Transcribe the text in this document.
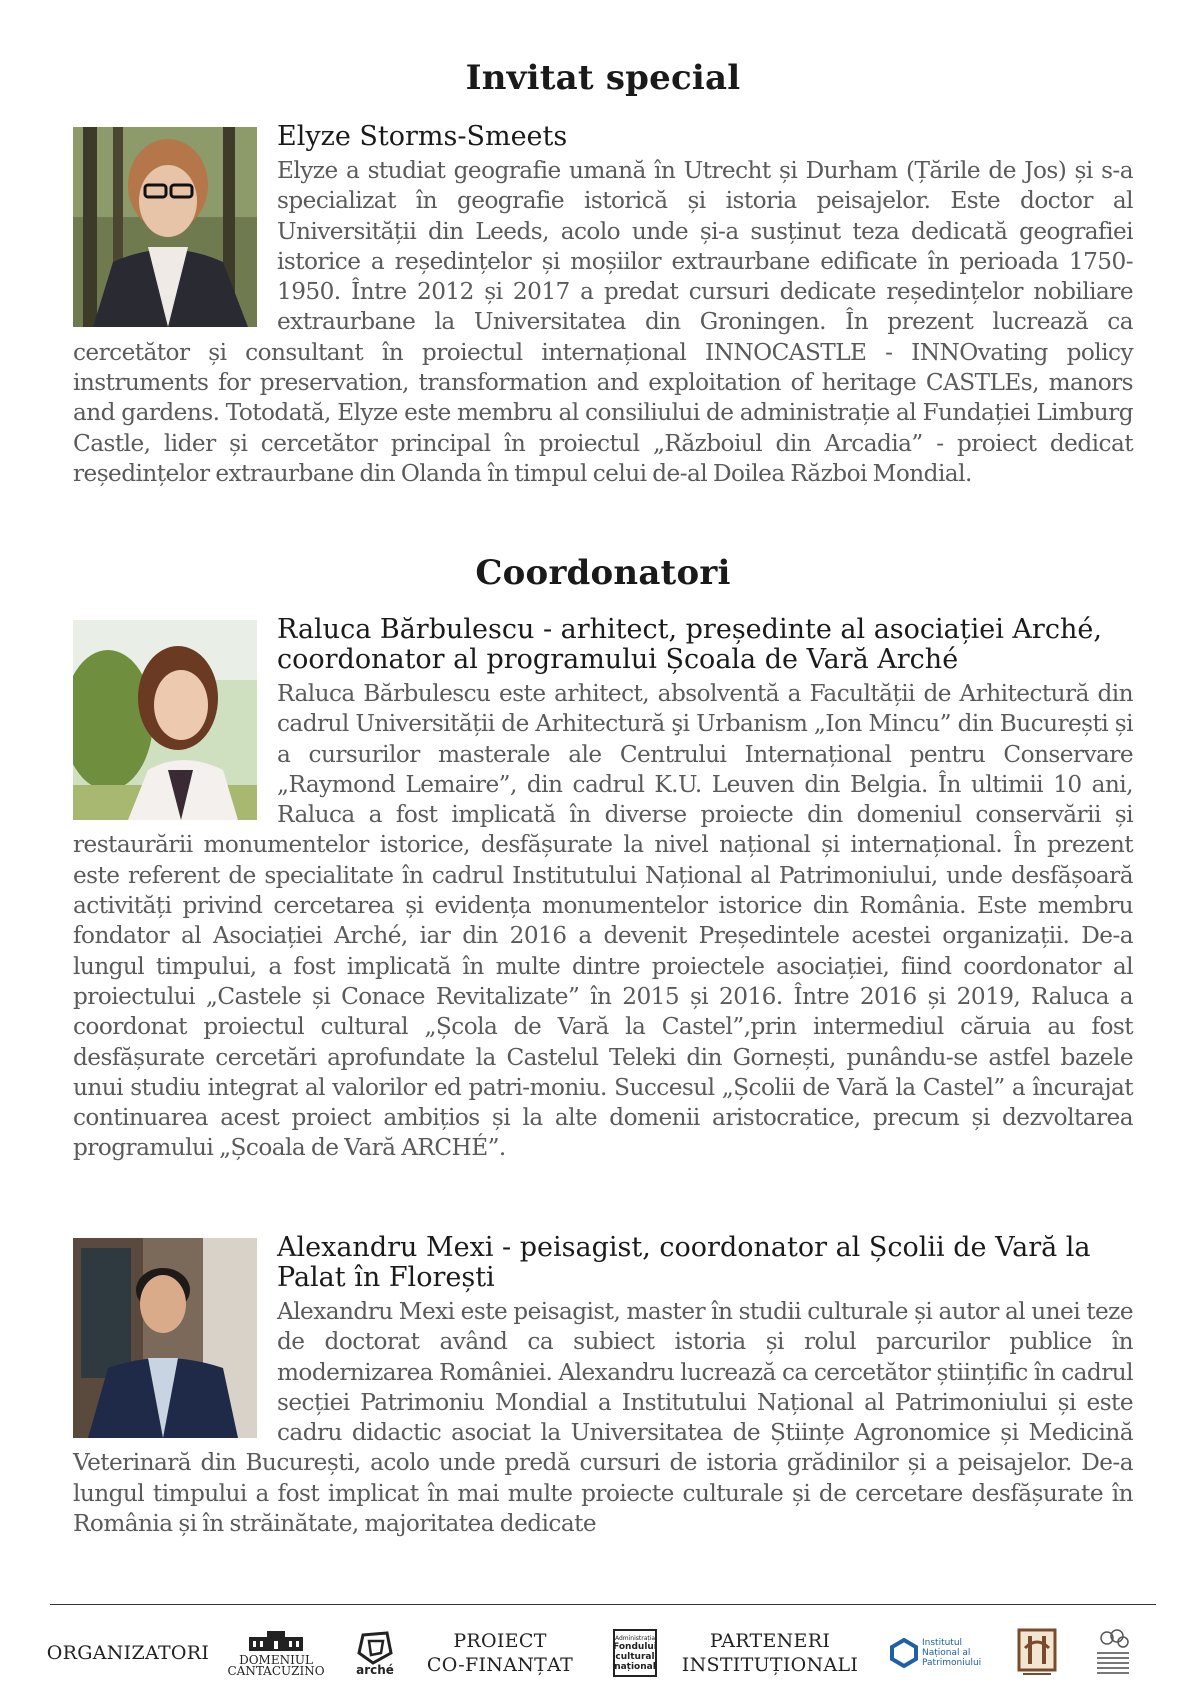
Invitat special
Elyze Storms-Smeets

Elyze a studiat geografie umană în Utrecht și Durham (Țările de Jos) și s-a specializat în geografie istorică și istoria peisajelor. Este doctor al Universității din Leeds, acolo unde și-a susținut teza dedicată geografiei istorice a reședințelor și moșiilor extraurbane edificate în perioada 1750-1950. Între 2012 și 2017 a predat cursuri dedicate reședințelor nobiliare extraurbane la Universitatea din Groningen. În prezent lucrează ca cercetător și consultant în proiectul internațional INNOCASTLE - INNOvating policy instruments for preservation, transformation and exploitation of heritage CASTLEs, manors and gardens. Totodată, Elyze este membru al consiliului de administrație al Fundației Limburg Castle, lider și cercetător principal în proiectul „Războiul din Arcadia” - proiect dedicat reședințelor extraurbane din Olanda în timpul celui de-al Doilea Război Mondial.

Coordonatori
Raluca Bărbulescu - arhitect, președinte al asociației Arché, coordonator al programului Școala de Vară Arché

Raluca Bărbulescu este arhitect, absolventă a Facultății de Arhitectură din cadrul Universității de Arhitectură şi Urbanism „Ion Mincu” din București și a cursurilor masterale ale Centrului Internațional pentru Conservare „Raymond Lemaire”, din cadrul K.U. Leuven din Belgia. În ultimii 10 ani, Raluca a fost implicată în diverse proiecte din domeniul conservării și restaurării monumentelor istorice, desfășurate la nivel național și internațional. În prezent este referent de specialitate în cadrul Institutului Național al Patrimoniului, unde desfășoară activități privind cercetarea și evidența monumentelor istorice din România. Este membru fondator al Asociației Arché, iar din 2016 a devenit Președintele acestei organizații. De-a lungul timpului, a fost implicată în multe dintre proiectele asociației, fiind coordonator al proiectului „Castele și Conace Revitalizate” în 2015 și 2016. Între 2016 și 2019, Raluca a coordonat proiectul cultural „Școla de Vară la Castel”,prin intermediul căruia au fost desfășurate cercetări aprofundate la Castelul Teleki din Gornești, punându-se astfel bazele unui studiu integrat al valorilor ed patri-moniu. Succesul „Școlii de Vară la Castel” a încurajat continuarea acest proiect ambițios și la alte domenii aristocratice, precum și dezvoltarea programului „Școala de Vară ARCHÉ”.

Alexandru Mexi - peisagist, coordonator al Școlii de Vară la Palat în Florești

Alexandru Mexi este peisagist, master în studii culturale și autor al unei teze de doctorat având ca subiect istoria și rolul parcurilor publice în modernizarea României. Alexandru lucrează ca cercetător științific în cadrul secției Patrimoniu Mondial a Institutului Național al Patrimoniului și este cadru didactic asociat la Universitatea de Științe Agronomice și Medicină Veterinară din București, acolo unde predă cursuri de istoria grădinilor și a peisajelor. De-a lungul timpului a fost implicat în mai multe proiecte culturale și de cercetare desfășurate în România și în străinătate, majoritatea dedicate

ORGANIZATORI DOMENIUL
CANTACUZINO	arché
PROIECT
CO-FINANȚAT
Administrația
Fondului
cultural
național
PARTENERI
INSTITUȚIONALI
Institutul
Național al
Patrimoniului
